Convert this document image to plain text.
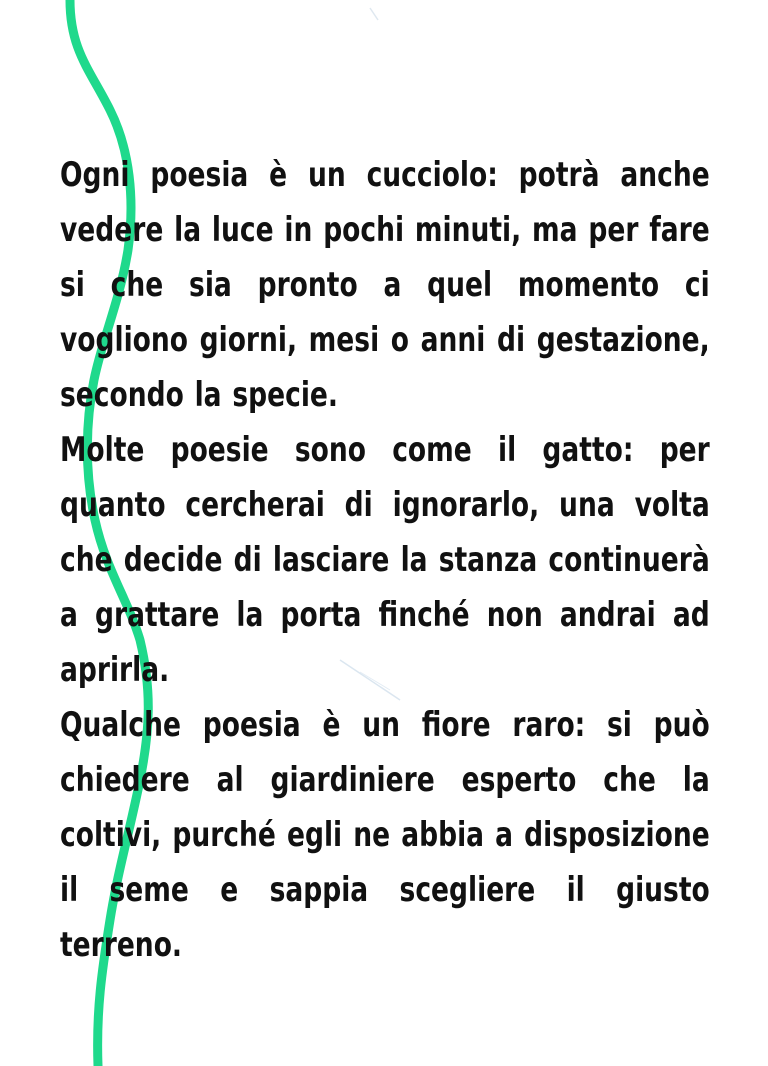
Ogni poesia è un cucciolo: potrà anche vedere la luce in pochi minuti, ma per fare si che sia pronto a quel momento ci vogliono giorni, mesi o anni di gestazione, secondo la specie.

Molte poesie sono come il gatto: per quanto cercherai di ignorarlo, una volta che decide di lasciare la stanza continuerà a grattare la porta finché non andrai ad aprirla.

Qualche poesia è un fiore raro: si può chiedere al giardiniere esperto che la coltivi, purché egli ne abbia a disposizione il seme e sappia scegliere il giusto terreno.
